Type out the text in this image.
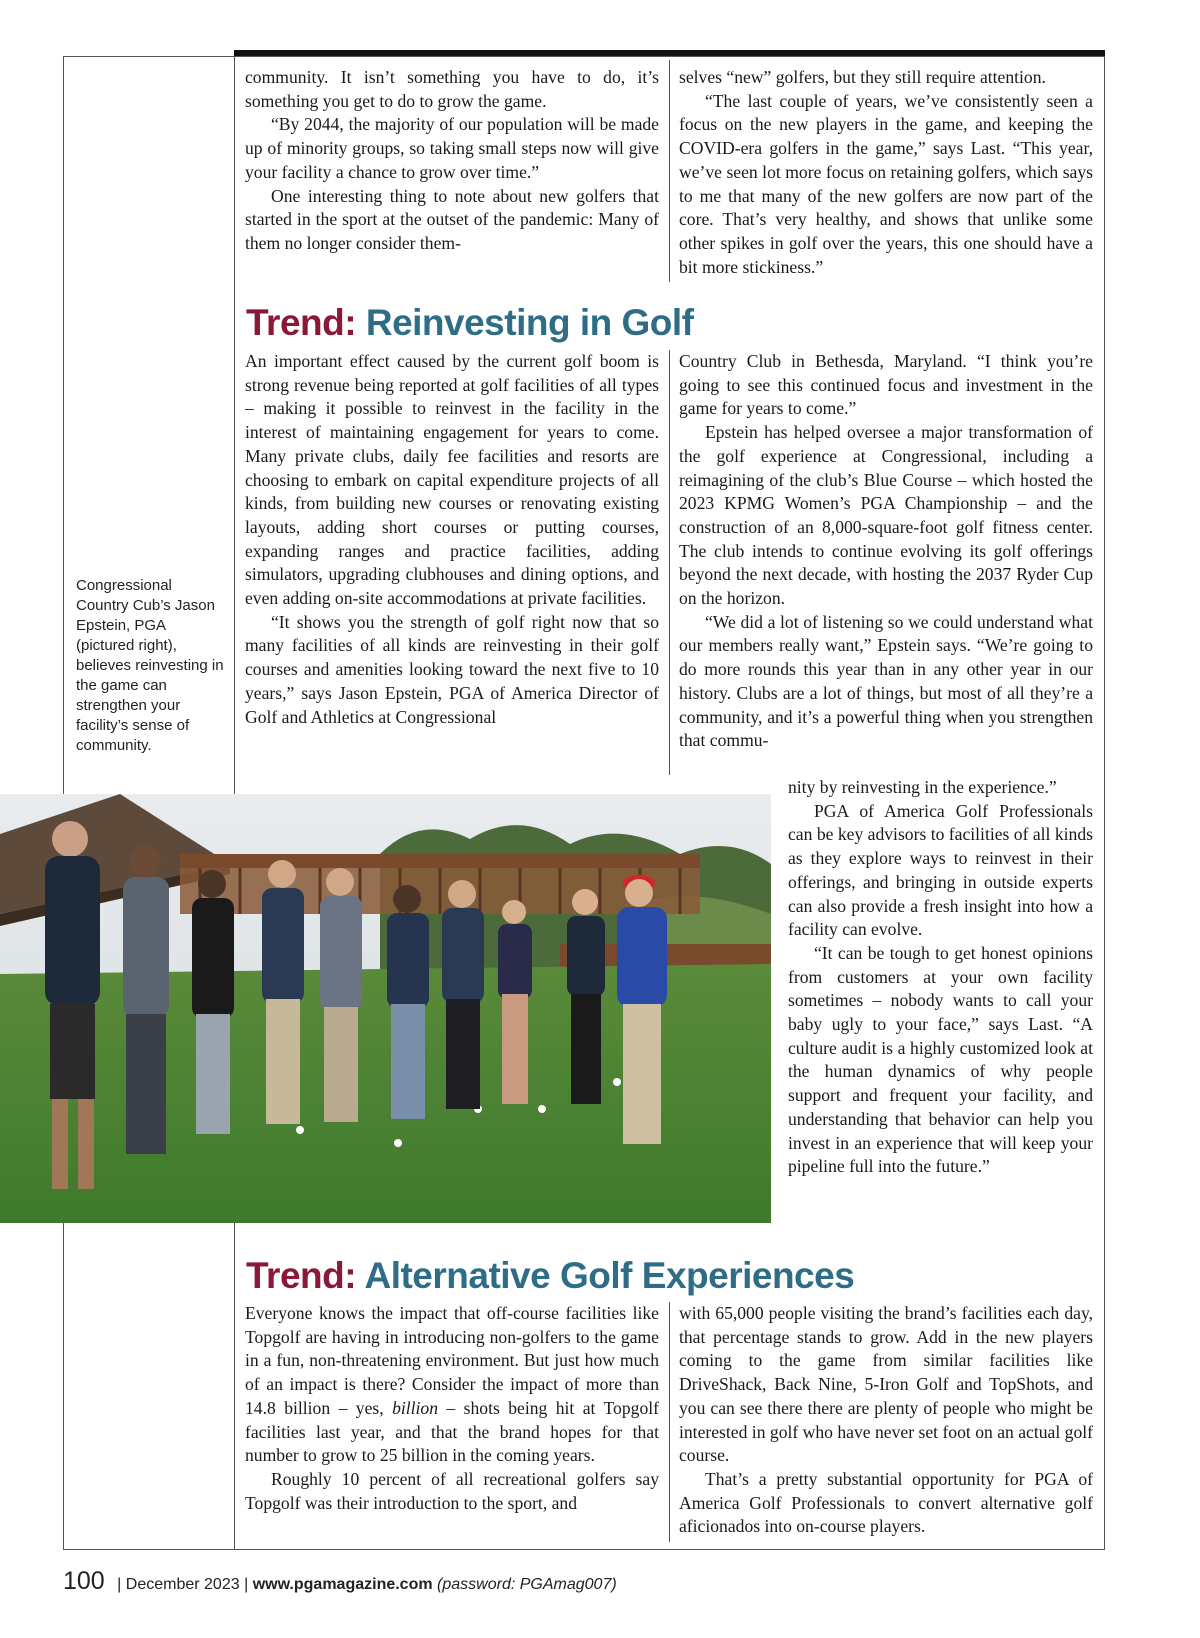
community. It isn’t something you have to do, it’s something you get to do to grow the game.

“By 2044, the majority of our population will be made up of minority groups, so taking small steps now will give your facility a chance to grow over time.”

One interesting thing to note about new golfers that started in the sport at the outset of the pandemic: Many of them no longer consider them-

selves “new” golfers, but they still require attention.

“The last couple of years, we’ve consistently seen a focus on the new players in the game, and keeping the COVID-era golfers in the game,” says Last. “This year, we’ve seen lot more focus on retaining golfers, which says to me that many of the new golfers are now part of the core. That’s very healthy, and shows that unlike some other spikes in golf over the years, this one should have a bit more stickiness.”

Trend: Reinvesting in Golf

An important effect caused by the current golf boom is strong revenue being reported at golf facilities of all types – making it possible to reinvest in the facility in the interest of maintaining engagement for years to come. Many private clubs, daily fee facilities and resorts are choosing to embark on capital expenditure projects of all kinds, from building new courses or renovating existing layouts, adding short courses or putting courses, expanding ranges and practice facilities, adding simulators, upgrading clubhouses and dining options, and even adding on-site accommodations at private facilities.

“It shows you the strength of golf right now that so many facilities of all kinds are reinvesting in their golf courses and amenities looking toward the next five to 10 years,” says Jason Epstein, PGA of America Director of Golf and Athletics at Congressional

Country Club in Bethesda, Maryland. “I think you’re going to see this continued focus and investment in the game for years to come.”

Epstein has helped oversee a major transformation of the golf experience at Congressional, including a reimagining of the club’s Blue Course – which hosted the 2023 KPMG Women’s PGA Championship – and the construction of an 8,000-square-foot golf fitness center. The club intends to continue evolving its golf offerings beyond the next decade, with hosting the 2037 Ryder Cup on the horizon.

“We did a lot of listening so we could understand what our members really want,” Epstein says. “We’re going to do more rounds this year than in any other year in our history. Clubs are a lot of things, but most of all they’re a community, and it’s a powerful thing when you strengthen that commu-

nity by reinvesting in the experience.”

PGA of America Golf Professionals can be key advisors to facilities of all kinds as they explore ways to reinvest in their offerings, and bringing in outside experts can also provide a fresh insight into how a facility can evolve.

“It can be tough to get honest opinions from customers at your own facility sometimes – nobody wants to call your baby ugly to your face,” says Last. “A culture audit is a highly customized look at the human dynamics of why people support and frequent your facility, and understanding that behavior can help you invest in an experience that will keep your pipeline full into the future.”

Congressional Country Cub’s Jason Epstein, PGA (pictured right), believes reinvesting in the game can strengthen your facility’s sense of community.
Trend: Alternative Golf Experiences

Everyone knows the impact that off-course facilities like Topgolf are having in introducing non-golfers to the game in a fun, non-threatening environment. But just how much of an impact is there? Consider the impact of more than 14.8 billion – yes, billion – shots being hit at Topgolf facilities last year, and that the brand hopes for that number to grow to 25 billion in the coming years.

Roughly 10 percent of all recreational golfers say Topgolf was their introduction to the sport, and

with 65,000 people visiting the brand’s facilities each day, that percentage stands to grow. Add in the new players coming to the game from similar facilities like DriveShack, Back Nine, 5-Iron Golf and TopShots, and you can see there there are plenty of people who might be interested in golf who have never set foot on an actual golf course.

That’s a pretty substantial opportunity for PGA of America Golf Professionals to convert alternative golf aficionados into on-course players.

100 | December 2023 | www.pgamagazine.com (password: PGAmag007)
